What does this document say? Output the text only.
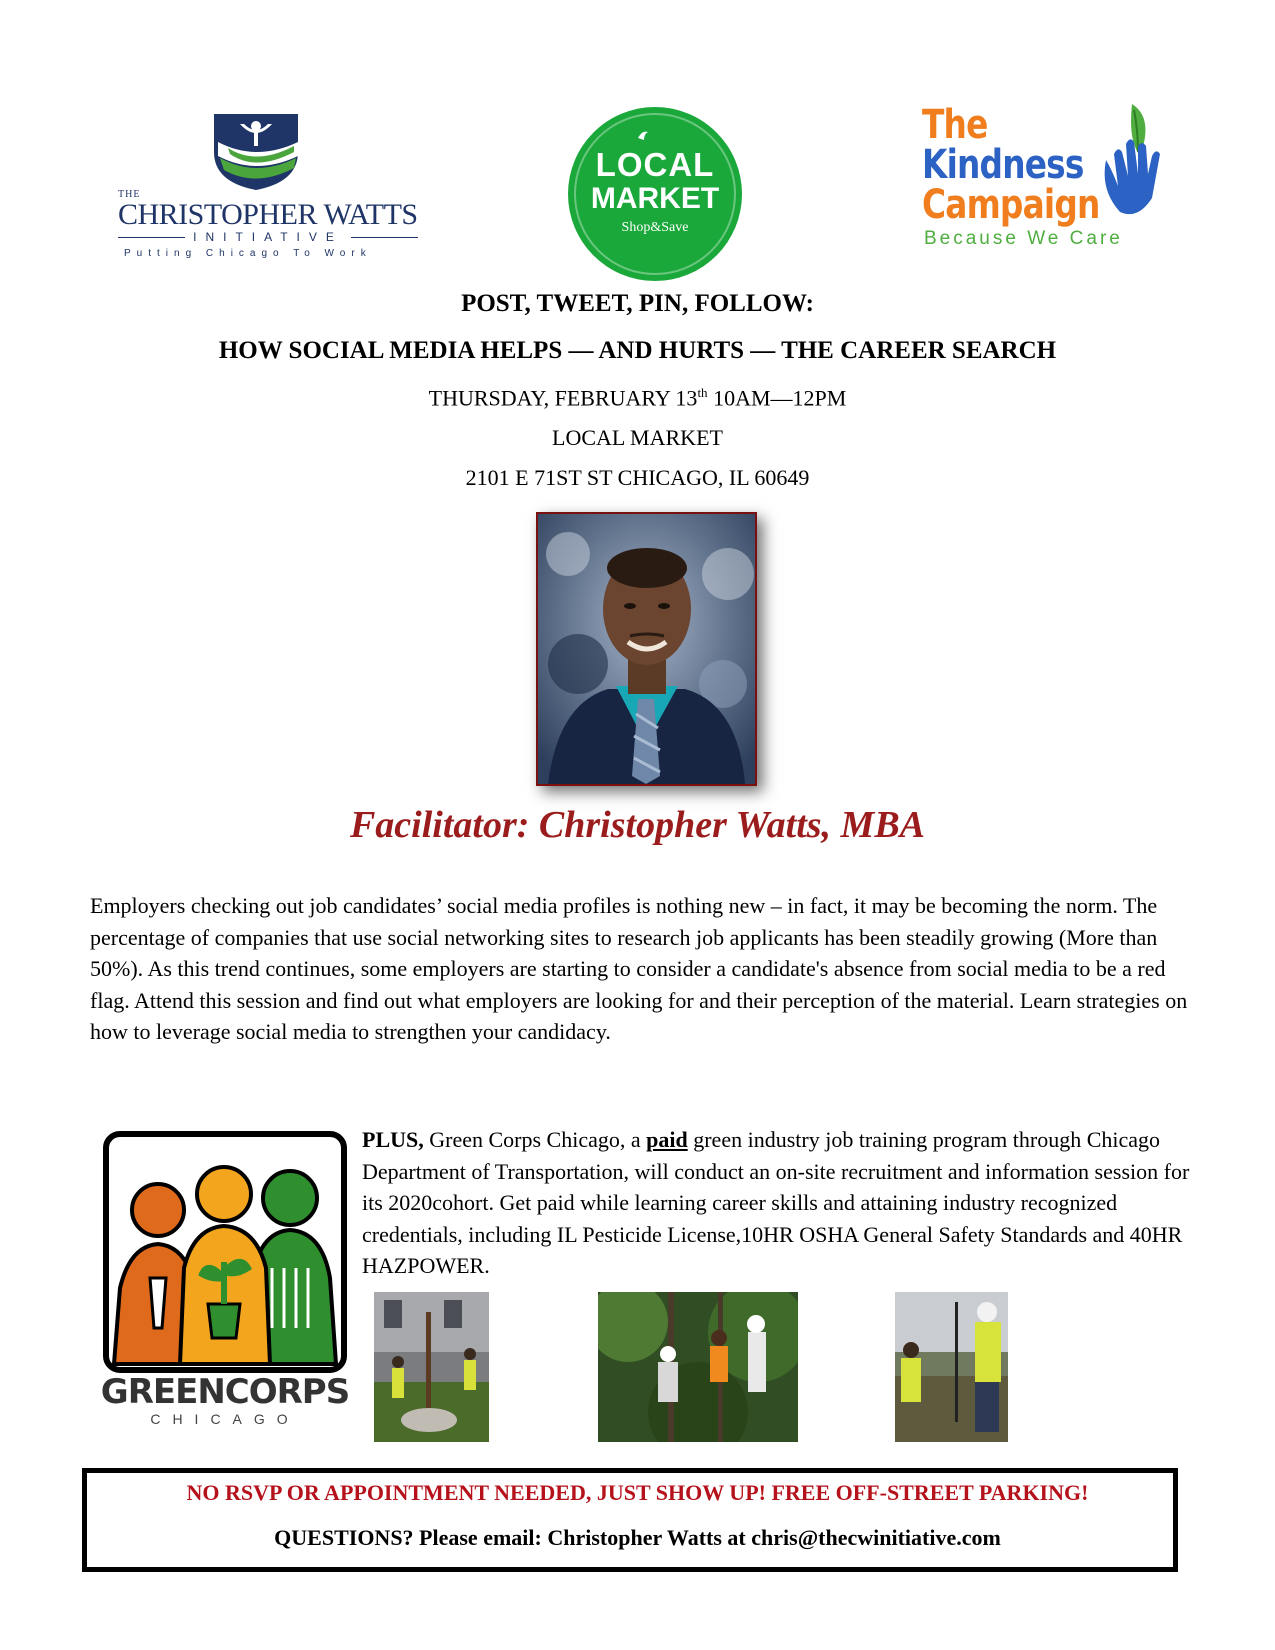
THE
CHRISTOPHER WATTS
INITIATIVE
Putting Chicago To Work
LOCAL
MARKET
Shop&Save
The
Kindness
Campaign
Because We Care
POST, TWEET, PIN, FOLLOW:
HOW SOCIAL MEDIA HELPS — AND HURTS — THE CAREER SEARCH
THURSDAY, FEBRUARY 13th 10AM—12PM
LOCAL MARKET
2101 E 71ST ST CHICAGO, IL 60649
Facilitator: Christopher Watts, MBA
Employers checking out job candidates’ social media profiles is nothing new – in fact, it may be becoming the norm. The percentage of companies that use social networking sites to research job applicants has been steadily growing (More than 50%). As this trend continues, some employers are starting to consider a candidate's absence from social media to be a red flag. Attend this session and find out what employers are looking for and their perception of the material. Learn strategies on how to leverage social media to strengthen your candidacy.
GREENCORPS
CHICAGO
PLUS, Green Corps Chicago, a paid green industry job training program through Chicago Department of Transportation, will conduct an on-site recruitment and information session for its 2020cohort. Get paid while learning career skills and attaining industry recognized credentials, including IL Pesticide License,10HR OSHA General Safety Standards and 40HR HAZPOWER.
NO RSVP OR APPOINTMENT NEEDED, JUST SHOW UP! FREE OFF-STREET PARKING!
QUESTIONS? Please email: Christopher Watts at chris@thecwinitiative.com
